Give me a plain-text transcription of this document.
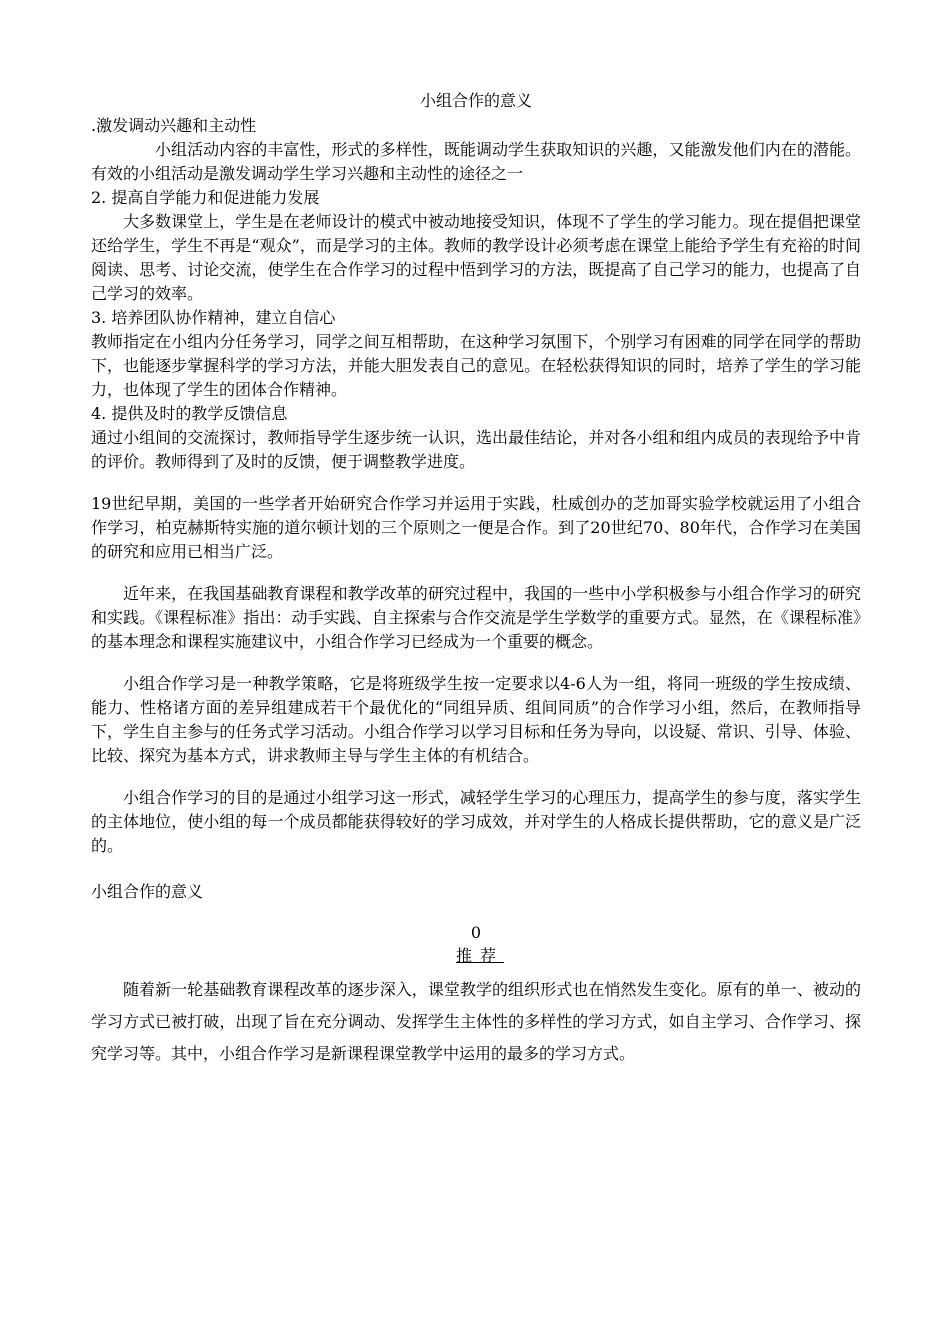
小组合作的意义

.激发调动兴趣和主动性

小组活动内容的丰富性，形式的多样性，既能调动学生获取知识的兴趣，又能激发他们内在的潜能。有效的小组活动是激发调动学生学习兴趣和主动性的途径之一

2. 提高自学能力和促进能力发展

大多数课堂上，学生是在老师设计的模式中被动地接受知识，体现不了学生的学习能力。现在提倡把课堂还给学生，学生不再是“观众”，而是学习的主体。教师的教学设计必须考虑在课堂上能给予学生有充裕的时间阅读、思考、讨论交流，使学生在合作学习的过程中悟到学习的方法，既提高了自己学习的能力，也提高了自己学习的效率。

3. 培养团队协作精神，建立自信心

教师指定在小组内分任务学习，同学之间互相帮助，在这种学习氛围下，个别学习有困难的同学在同学的帮助下，也能逐步掌握科学的学习方法，并能大胆发表自己的意见。在轻松获得知识的同时，培养了学生的学习能力，也体现了学生的团体合作精神。

4. 提供及时的教学反馈信息

通过小组间的交流探讨，教师指导学生逐步统一认识，选出最佳结论，并对各小组和组内成员的表现给予中肯的评价。教师得到了及时的反馈，便于调整教学进度。

19世纪早期，美国的一些学者开始研究合作学习并运用于实践，杜威创办的芝加哥实验学校就运用了小组合作学习，柏克赫斯特实施的道尔顿计划的三个原则之一便是合作。到了20世纪70、80年代，合作学习在美国的研究和应用已相当广泛。

近年来，在我国基础教育课程和教学改革的研究过程中，我国的一些中小学积极参与小组合作学习的研究和实践。《课程标准》指出：动手实践、自主探索与合作交流是学生学数学的重要方式。显然，在《课程标准》的基本理念和课程实施建议中，小组合作学习已经成为一个重要的概念。

小组合作学习是一种教学策略，它是将班级学生按一定要求以4-6人为一组，将同一班级的学生按成绩、能力、性格诸方面的差异组建成若干个最优化的“同组异质、组间同质”的合作学习小组，然后，在教师指导下，学生自主参与的任务式学习活动。小组合作学习以学习目标和任务为导向，以设疑、常识、引导、体验、比较、探究为基本方式，讲求教师主导与学生主体的有机结合。

小组合作学习的目的是通过小组学习这一形式，减轻学生学习的心理压力，提高学生的参与度，落实学生的主体地位，使小组的每一个成员都能获得较好的学习成效，并对学生的人格成长提供帮助，它的意义是广泛的。

小组合作的意义

0

推荐

随着新一轮基础教育课程改革的逐步深入，课堂教学的组织形式也在悄然发生变化。原有的单一、被动的学习方式已被打破，出现了旨在充分调动、发挥学生主体性的多样性的学习方式，如自主学习、合作学习、探究学习等。其中，小组合作学习是新课程课堂教学中运用的最多的学习方式。
